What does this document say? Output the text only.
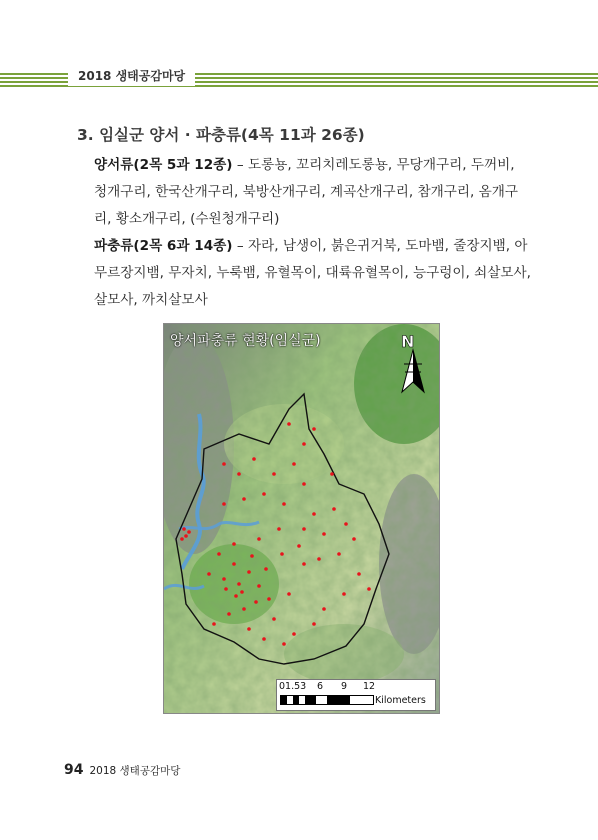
2018 생태공감마당
3. 임실군 양서 · 파충류(4목 11과 26종)

양서류(2목 5과 12종) – 도롱뇽, 꼬리치레도롱뇽, 무당개구리, 두꺼비, 청개구리, 한국산개구리, 북방산개구리, 계곡산개구리, 참개구리, 옴개구리, 황소개구리, (수원청개구리)

파충류(2목 6과 14종) – 자라, 남생이, 붉은귀거북, 도마뱀, 줄장지뱀, 아무르장지뱀, 무자치, 누룩뱀, 유혈목이, 대륙유혈목이, 능구렁이, 쇠살모사, 살모사, 까치살모사

양서파충류 현황(임실군)	N
01.53 6 9 12
Kilometers
94 2018 생태공감마당
